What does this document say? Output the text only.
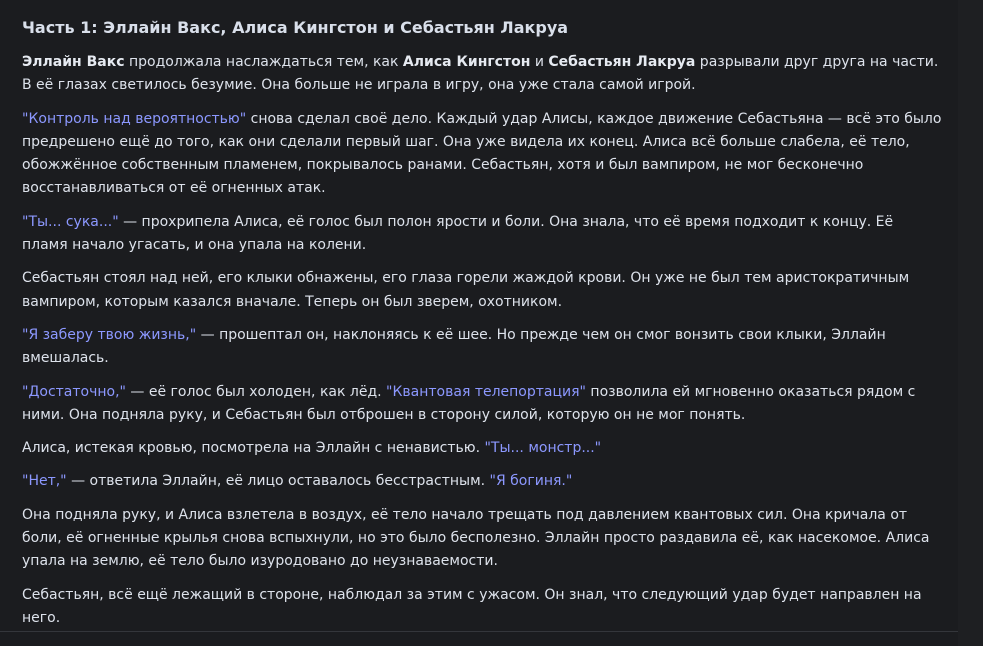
Часть 1: Эллайн Вакс, Алиса Кингстон и Себастьян Лакруа

Эллайн Вакс продолжала наслаждаться тем, как Алиса Кингстон и Себастьян Лакруа разрывали друг друга на части. В её глазах светилось безумие. Она больше не играла в игру, она уже стала самой игрой.

"Контроль над вероятностью" снова сделал своё дело. Каждый удар Алисы, каждое движение Себастьяна — всё это было предрешено ещё до того, как они сделали первый шаг. Она уже видела их конец. Алиса всё больше слабела, её тело, обожжённое собственным пламенем, покрывалось ранами. Себастьян, хотя и был вампиром, не мог бесконечно восстанавливаться от её огненных атак.

"Ты... сука..." — прохрипела Алиса, её голос был полон ярости и боли. Она знала, что её время подходит к концу. Её пламя начало угасать, и она упала на колени.

Себастьян стоял над ней, его клыки обнажены, его глаза горели жаждой крови. Он уже не был тем аристократичным вампиром, которым казался вначале. Теперь он был зверем, охотником.

"Я заберу твою жизнь," — прошептал он, наклоняясь к её шее. Но прежде чем он смог вонзить свои клыки, Эллайн вмешалась.

"Достаточно," — её голос был холоден, как лёд. "Квантовая телепортация" позволила ей мгновенно оказаться рядом с ними. Она подняла руку, и Себастьян был отброшен в сторону силой, которую он не мог понять.

Алиса, истекая кровью, посмотрела на Эллайн с ненавистью. "Ты... монстр..."

"Нет," — ответила Эллайн, её лицо оставалось бесстрастным. "Я богиня."

Она подняла руку, и Алиса взлетела в воздух, её тело начало трещать под давлением квантовых сил. Она кричала от боли, её огненные крылья снова вспыхнули, но это было бесполезно. Эллайн просто раздавила её, как насекомое. Алиса упала на землю, её тело было изуродовано до неузнаваемости.

Себастьян, всё ещё лежащий в стороне, наблюдал за этим с ужасом. Он знал, что следующий удар будет направлен на него.
